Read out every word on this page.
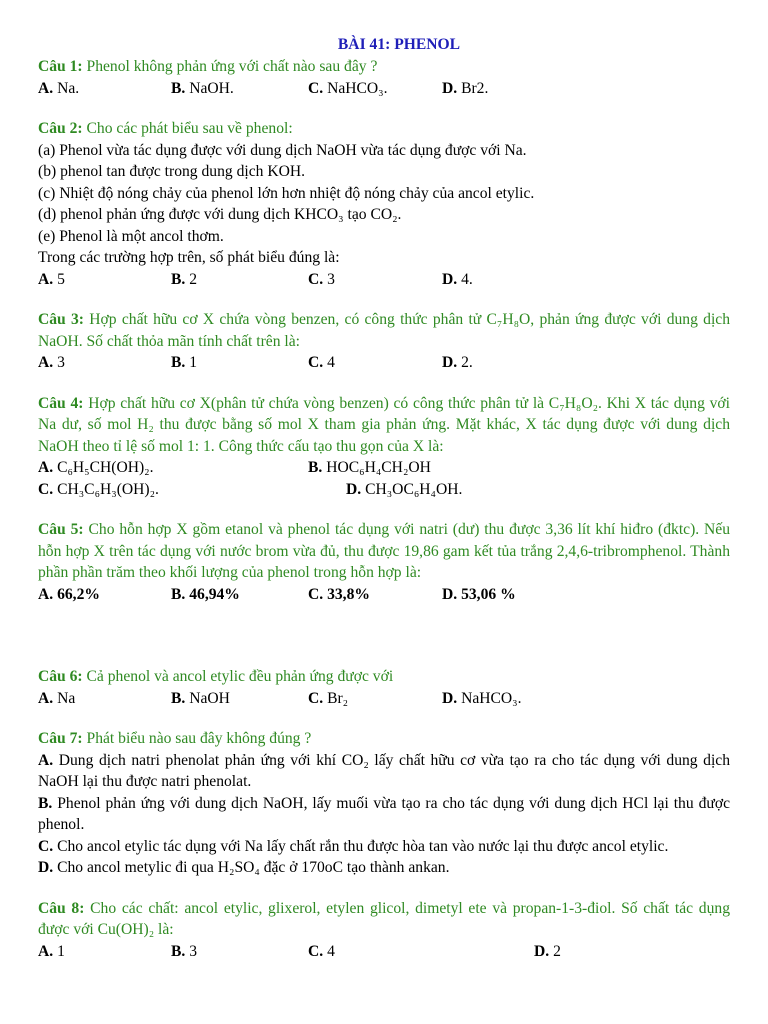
BÀI 41: PHENOL
Câu 1: Phenol không phản ứng với chất nào sau đây ?
A. Na.	B. NaOH.	C. NaHCO₃.	D. Br2.
Câu 2: Cho các phát biểu sau về phenol:
(a) Phenol vừa tác dụng được với dung dịch NaOH vừa tác dụng được với Na.
(b) phenol tan được trong dung dịch KOH.
(c) Nhiệt độ nóng chảy của phenol lớn hơn nhiệt độ nóng chảy của ancol etylic.
(d) phenol phản ứng được với dung dịch KHCO₃ tạo CO₂.
(e) Phenol là một ancol thơm.
Trong các trường hợp trên, số phát biểu đúng là:
A. 5	B. 2	C. 3	D. 4.
Câu 3: Hợp chất hữu cơ X chứa vòng benzen, có công thức phân tử C₇H₈O, phản ứng được với dung dịch NaOH. Số chất thỏa mãn tính chất trên là:
A. 3	B. 1	C. 4	D. 2.
Câu 4: Hợp chất hữu cơ X(phân tử chứa vòng benzen) có công thức phân tử là C₇H₈O₂. Khi X tác dụng với Na dư, số mol H₂ thu được bằng số mol X tham gia phản ứng. Mặt khác, X tác dụng được với dung dịch NaOH theo tỉ lệ số mol 1: 1. Công thức cấu tạo thu gọn của X là:
A. C₆H₅CH(OH)₂.	B. HOC₆H₄CH₂OH
C. CH₃C₆H₃(OH)₂.	D. CH₃OC₆H₄OH.
Câu 5: Cho hỗn hợp X gồm etanol và phenol tác dụng với natri (dư) thu được 3,36 lít khí hiđro (đktc). Nếu hỗn hợp X trên tác dụng với nước brom vừa đủ, thu được 19,86 gam kết tủa trắng 2,4,6-tribromphenol. Thành phần phần trăm theo khối lượng của phenol trong hỗn hợp là:
A. 66,2%	B. 46,94%	C. 33,8%	D. 53,06 %
Câu 6: Cả phenol và ancol etylic đều phản ứng được với
A. Na	B. NaOH	C. Br₂	D. NaHCO₃.
Câu 7: Phát biểu nào sau đây không đúng ?
A. Dung dịch natri phenolat phản ứng với khí CO₂ lấy chất hữu cơ vừa tạo ra cho tác dụng với dung dịch NaOH lại thu được natri phenolat.
B. Phenol phản ứng với dung dịch NaOH, lấy muối vừa tạo ra cho tác dụng với dung dịch HCl lại thu được phenol.
C. Cho ancol etylic tác dụng với Na lấy chất rắn thu được hòa tan vào nước lại thu được ancol etylic.
D. Cho ancol metylic đi qua H₂SO₄ đặc ở 170oC tạo thành ankan.
Câu 8: Cho các chất: ancol etylic, glixerol, etylen glicol, dimetyl ete và propan-1-3-điol. Số chất tác dụng được với Cu(OH)₂ là:
A. 1	B. 3	C. 4	D. 2
